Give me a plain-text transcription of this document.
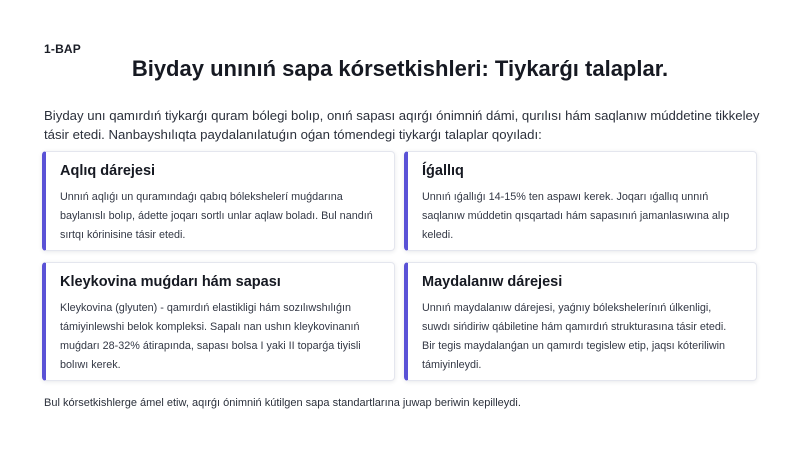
1-BAP
Biyday unınıń sapa kórsetkishleri: Tiykarǵı talaplar.

Biyday unı qamırdıń tiykarǵı quram bólegi bolıp, onıń sapası aqırǵı ónimniń dámi, qurılısı hám saqlanıw múddetine tikkeley tásir etedi. Nanbayshılıqta paydalanılatuǵın oǵan tómendegi tiykarǵı talaplar qoyıladı:

Aqlıq dárejesi

Unnıń aqlıǵı un quramındaǵı qabıq bólekshelerí muǵdarına baylanıslı bolıp, ádette joqarı sortlı unlar aqlaw boladı. Bul nandıń sırtqı kórinisine tásir etedi.

Íǵallıq

Unnıń ıǵallıǵı 14-15% ten aspawı kerek. Joqarı ıǵallıq unnıń saqlanıw múddetin qısqartadı hám sapasınıń jamanlasıwına alıp keledi.

Kleykovina muǵdarı hám sapası

Kleykovina (glyuten) - qamırdıń elastikligi hám sozılıwshılıǵın támiyinlewshi belok kompleksi. Sapalı nan ushın kleykovinanıń muǵdarı 28-32% átirapında, sapası bolsa I yaki II toparǵa tiyisli bolıwı kerek.

Maydalanıw dárejesi

Unnıń maydalanıw dárejesi, yaǵnıy bólekshelerínıń úlkenligi, suwdı sińdiriw qábiletine hám qamırdıń strukturasına tásir etedi. Bir tegis maydalanǵan un qamırdı tegislew etip, jaqsı kóteriliwin támiyinleydi.

Bul kórsetkishlerge ámel etiw, aqırǵı ónimniń kútilgen sapa standartlarına juwap beriwin kepilleydi.
